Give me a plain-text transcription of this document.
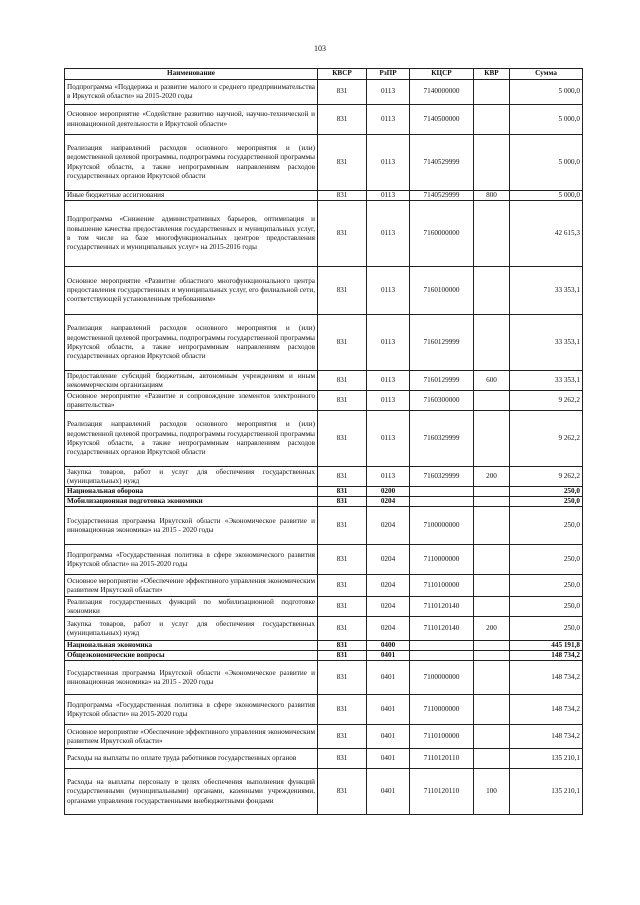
103
Наименование	КВСР	РзПР	КЦСР	КВР	Сумма
Подпрограмма «Поддержка и развитие малого и среднего предпринимательства в Иркутской области» на 2015-2020 годы	831	0113	7140000000		5 000,0
Основное мероприятие «Содействие развитию научной, научно-технической и инновационной деятельности в Иркутской области»	831	0113	7140500000		5 000,0
Реализация направлений расходов основного мероприятия и (или) ведомственной целевой программы, подпрограммы государственной программы Иркутской области, а также непрограммным направлениям расходов государственных органов Иркутской области	831	0113	7140529999		5 000,0
Иные бюджетные ассигнования	831	0113	7140529999	800	5 000,0
Подпрограмма «Снижение административных барьеров, оптимизация и повышение качества предоставления государственных и муниципальных услуг, в том числе на базе многофункциональных центров предоставления государственных и муниципальных услуг» на 2015-2016 годы	831	0113	7160000000		42 615,3
Основное мероприятие «Развитие областного многофункционального центра предоставления государственных и муниципальных услуг, его филиальной сети, соответствующей установленным требованиям»	831	0113	7160100000		33 353,1
Реализация направлений расходов основного мероприятия и (или) ведомственной целевой программы, подпрограммы государственной программы Иркутской области, а также непрограммным направлениям расходов государственных органов Иркутской области	831	0113	7160129999		33 353,1
Предоставление субсидий бюджетным, автономным учреждениям и иным некоммерческим организациям	831	0113	7160129999	600	33 353,1
Основное мероприятие «Развитие и сопровождение элементов электронного правительства»	831	0113	7160300000		9 262,2
Реализация направлений расходов основного мероприятия и (или) ведомственной целевой программы, подпрограммы государственной программы Иркутской области, а также непрограммным направлениям расходов государственных органов Иркутской области	831	0113	7160329999		9 262,2
Закупка товаров, работ и услуг для обеспечения государственных (муниципальных) нужд	831	0113	7160329999	200	9 262,2
Национальная оборона	831	0200			250,0
Мобилизационная подготовка экономики	831	0204			250,0
Государственная программа Иркутской области «Экономическое развитие и инновационная экономика» на 2015 - 2020 годы	831	0204	7100000000		250,0
Подпрограмма «Государственная политика в сфере экономического развития Иркутской области» на 2015-2020 годы	831	0204	7110000000		250,0
Основное мероприятие «Обеспечение эффективного управления экономическим развитием Иркутской области»	831	0204	7110100000		250,0
Реализация государственных функций по мобилизационной подготовке экономики	831	0204	7110120140		250,0
Закупка товаров, работ и услуг для обеспечения государственных (муниципальных) нужд	831	0204	7110120140	200	250,0
Национальная экономика	831	0400			445 191,8
Общеэкономические вопросы	831	0401			148 734,2
Государственная программа Иркутской области «Экономическое развитие и инновационная экономика» на 2015 - 2020 годы	831	0401	7100000000		148 734,2
Подпрограмма «Государственная политика в сфере экономического развития Иркутской области» на 2015-2020 годы	831	0401	7110000000		148 734,2
Основное мероприятие «Обеспечение эффективного управления экономическим развитием Иркутской области»	831	0401	7110100000		148 734,2
Расходы на выплаты по оплате труда работников государственных органов	831	0401	7110120110		135 210,1
Расходы на выплаты персоналу в целях обеспечения выполнения функций государственными (муниципальными) органами, казенными учреждениями, органами управления государственными внебюджетными фондами	831	0401	7110120110	100	135 210,1
